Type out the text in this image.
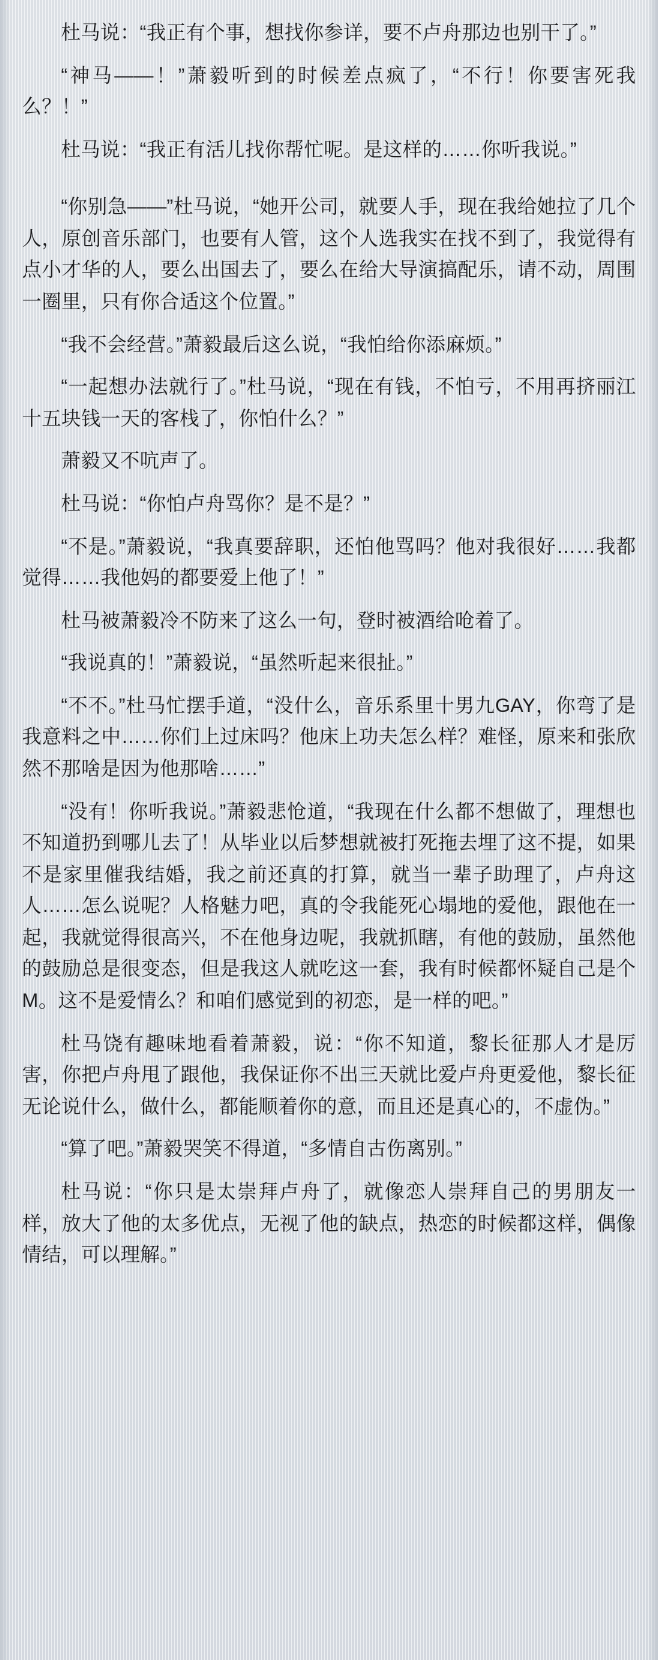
杜马说：“我正有个事，想找你参详，要不卢舟那边也别干了。”

“神马——！”萧毅听到的时候差点疯了，“不行！你要害死我么？！”

杜马说：“我正有活儿找你帮忙呢。是这样的……你听我说。”

“你别急——”杜马说，“她开公司，就要人手，现在我给她拉了几个人，原创音乐部门，也要有人管，这个人选我实在找不到了，我觉得有点小才华的人，要么出国去了，要么在给大导演搞配乐，请不动，周围一圈里，只有你合适这个位置。”

“我不会经营。”萧毅最后这么说，“我怕给你添麻烦。”

“一起想办法就行了。”杜马说，“现在有钱，不怕亏，不用再挤丽江十五块钱一天的客栈了，你怕什么？”

萧毅又不吭声了。

杜马说：“你怕卢舟骂你？是不是？”

“不是。”萧毅说，“我真要辞职，还怕他骂吗？他对我很好……我都觉得……我他妈的都要爱上他了！”

杜马被萧毅冷不防来了这么一句，登时被酒给呛着了。

“我说真的！”萧毅说，“虽然听起来很扯。”

“不不。”杜马忙摆手道，“没什么，音乐系里十男九GAY，你弯了是我意料之中……你们上过床吗？他床上功夫怎么样？难怪，原来和张欣然不那啥是因为他那啥……”

“没有！你听我说。”萧毅悲怆道，“我现在什么都不想做了，理想也不知道扔到哪儿去了！从毕业以后梦想就被打死拖去埋了这不提，如果不是家里催我结婚，我之前还真的打算，就当一辈子助理了，卢舟这人……怎么说呢？人格魅力吧，真的令我能死心塌地的爱他，跟他在一起，我就觉得很高兴，不在他身边呢，我就抓瞎，有他的鼓励，虽然他的鼓励总是很变态，但是我这人就吃这一套，我有时候都怀疑自己是个M。这不是爱情么？和咱们感觉到的初恋，是一样的吧。”

杜马饶有趣味地看着萧毅，说：“你不知道，黎长征那人才是厉害，你把卢舟甩了跟他，我保证你不出三天就比爱卢舟更爱他，黎长征无论说什么，做什么，都能顺着你的意，而且还是真心的，不虚伪。”

“算了吧。”萧毅哭笑不得道，“多情自古伤离别。”

杜马说：“你只是太崇拜卢舟了，就像恋人崇拜自己的男朋友一样，放大了他的太多优点，无视了他的缺点，热恋的时候都这样，偶像情结，可以理解。”
